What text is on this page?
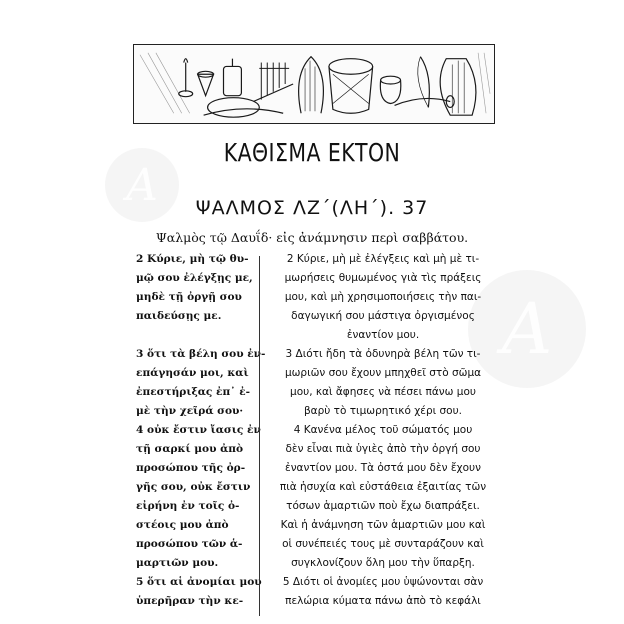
Α
Α
ΚΑΘΙΣΜΑ ΕΚΤΟΝ
ΨΑΛΜΟΣ ΛΖ΄(ΛΗ΄). 37
Ψαλμὸς τῷ Δαυΐδ· εἰς ἀνάμνησιν περὶ σαββάτου.
2 Κύριε, μὴ τῷ θυ-
μῷ σου ἐλέγξῃς με,
μηδὲ τῇ ὀργῇ σου
παιδεύσῃς με.
3 ὅτι τὰ βέλη σου ἐν-
επάγησάν μοι, καὶ
ἐπεστήριξας ἐπ᾿ ἐ-
μὲ τὴν χεῖρά σου·
4 οὐκ ἔστιν ἴασις ἐν
τῇ σαρκί μου ἀπὸ
προσώπου τῆς ὀρ-
γῆς σου, οὐκ ἔστιν
εἰρήνη ἐν τοῖς ὀ-
στέοις μου ἀπὸ
προσώπου τῶν ἁ-
μαρτιῶν μου.
5 ὅτι αἱ ἀνομίαι μου
ὑπερῆραν τὴν κε-
2 Κύριε, μὴ μὲ ἐλέγξεις καὶ μὴ μὲ τι-
μωρήσεις θυμωμένος γιὰ τὶς πράξεις
μου, καὶ μὴ χρησιμοποιήσεις τὴν παι-
δαγωγική σου μάστιγα ὀργισμένος
ἐναντίον μου.
3 Διότι ἤδη τὰ ὀδυνηρὰ βέλη τῶν τι-
μωριῶν σου ἔχουν μπηχθεῖ στὸ σῶμα
μου, καὶ ἄφησες νὰ πέσει πάνω μου
βαρὺ τὸ τιμωρητικό χέρι σου.
4 Κανένα μέλος τοῦ σώματός μου
δὲν εἶναι πιὰ ὑγιὲς ἀπὸ τὴν ὀργή σου
ἐναντίον μου. Τὰ ὀστά μου δὲν ἔχουν
πιὰ ἡσυχία καὶ εὐστάθεια ἐξαιτίας τῶν
τόσων ἁμαρτιῶν ποὺ ἔχω διαπράξει.
Καὶ ἡ ἀνάμνηση τῶν ἁμαρτιῶν μου καὶ
οἱ συνέπειές τους μὲ συνταράζουν καὶ
συγκλονίζουν ὅλη μου τὴν ὕπαρξη.
5 Διότι οἱ ἀνομίες μου ὑψώνονται σὰν
πελώρια κύματα πάνω ἀπὸ τὸ κεφάλι
